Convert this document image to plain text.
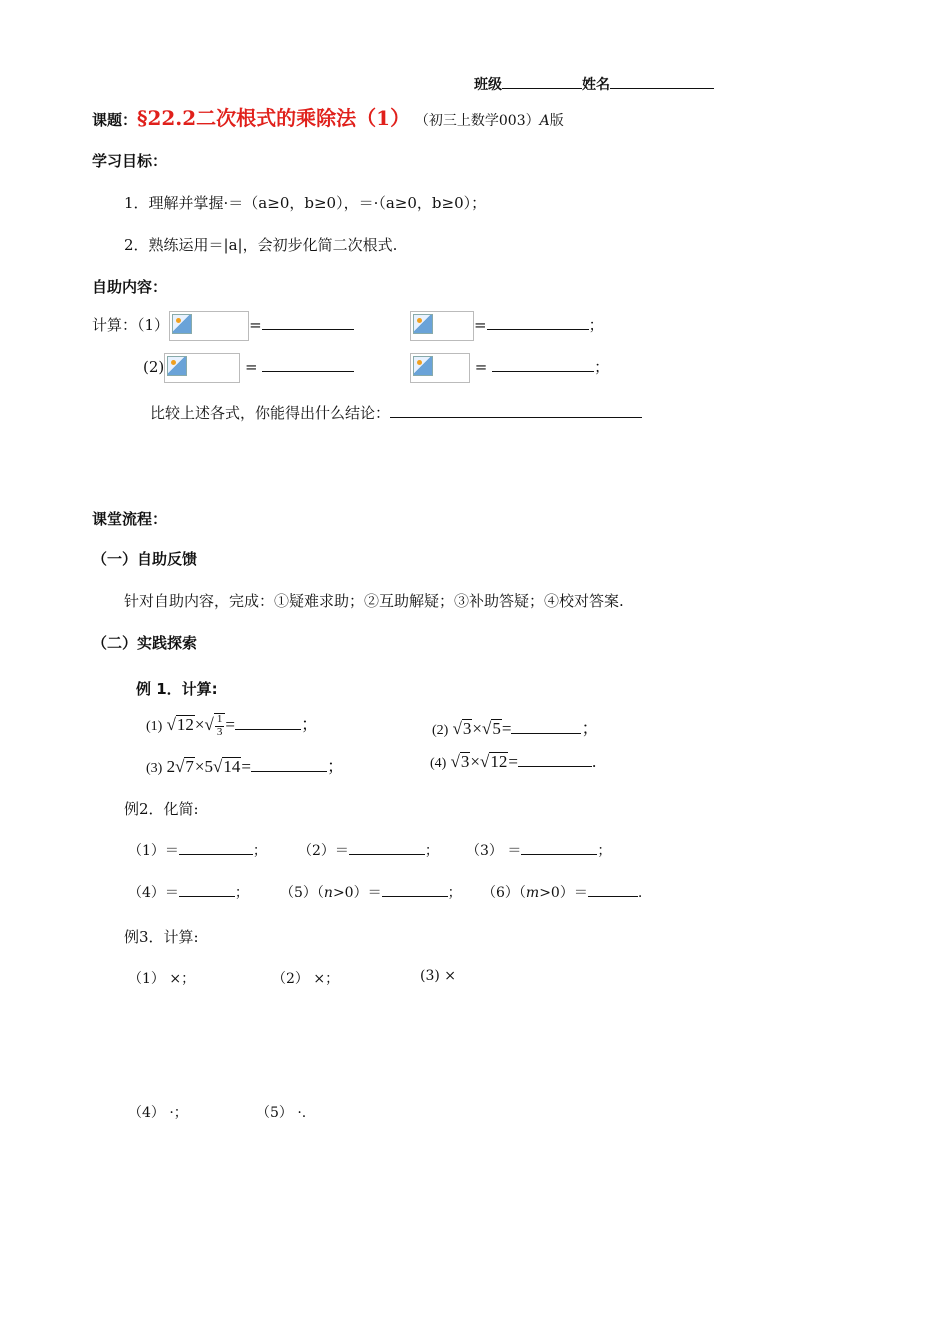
班级	姓名
课题：§22.2二次根式的乘除法（1） （初三上数学003）A版
学习目标：
1．理解并掌握·＝（a≥0，b≥0），＝·（a≥0，b≥0）；
2．熟练运用＝|a|，会初步化简二次根式.
自助内容：
计算：（1）	=	=	；
(2)	=	=	；
比较上述各式，你能得出什么结论：
课堂流程：
（一）自助反馈
针对自助内容，完成：①疑难求助；②互助解疑；③补助答疑；④校对答案.
（二）实践探索
例 1．计算:
(1) $√12\times√ \frac{1}{3}$ =	；	(2) √3×√5=	；
(3) 2√7×5√14=	；	(4) √3×√12=	.
例2．化简:
（1）＝	； （2）＝	； （3） ＝	；
（4）＝	； （5）（n>0）＝	； （6）（m>0）＝	.
例3．计算:
（1） ×；	（2） ×；	(3) ×
（4） ·；	（5） ·.
